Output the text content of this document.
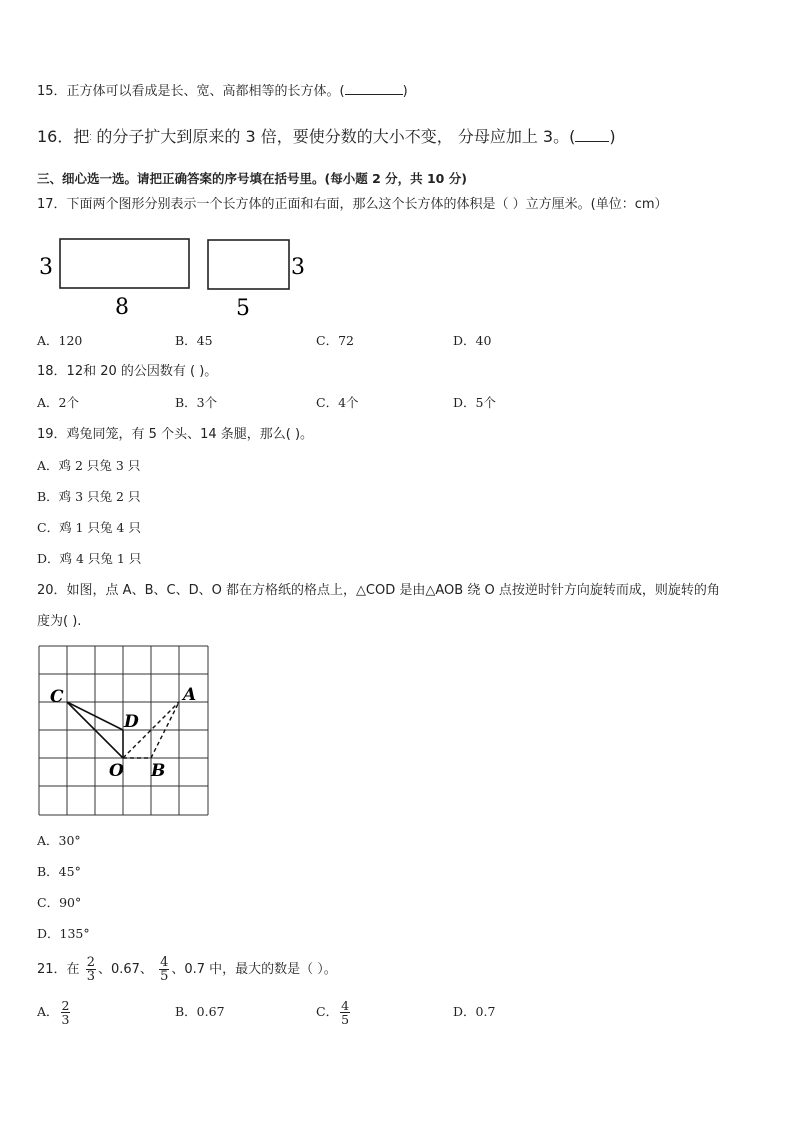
15．正方体可以看成是长、宽、高都相等的长方体。(	)
16．把⁚ 的分子扩大到原来的 3 倍，要使分数的大小不变， 分母应加上 3。( )
三、细心选一选。请把正确答案的序号填在括号里。(每小题 2 分，共 10 分)
17．下面两个图形分别表示一个长方体的正面和右面，那么这个长方体的体积是（ ）立方厘米。(单位：cm）
3
8
3
5
A．120	B．45	C．72	D．40
18．12和 20 的公因数有 ( )。
A．2个	B．3个	C．4个	D．5个
19．鸡兔同笼，有 5 个头、14 条腿，那么( )。
A．鸡 2 只兔 3 只
B．鸡 3 只兔 2 只
C．鸡 1 只兔 4 只
D．鸡 4 只兔 1 只
20．如图，点 A、B、C、D、O 都在方格纸的格点上，△COD 是由△AOB 绕 O 点按逆时针方向旋转而成，则旋转的角
度为( ).
C
D
A
O B
A．30°
B．45°
C．90°
D．135°
21．在 $\frac{2}{3}$ 、0.67、 $\frac{4}{5}$ 、0.7 中，最大的数是（ ）。
A． $\frac{2}{3}$	B．0.67	C． $\frac{4}{5}$	D．0.7
